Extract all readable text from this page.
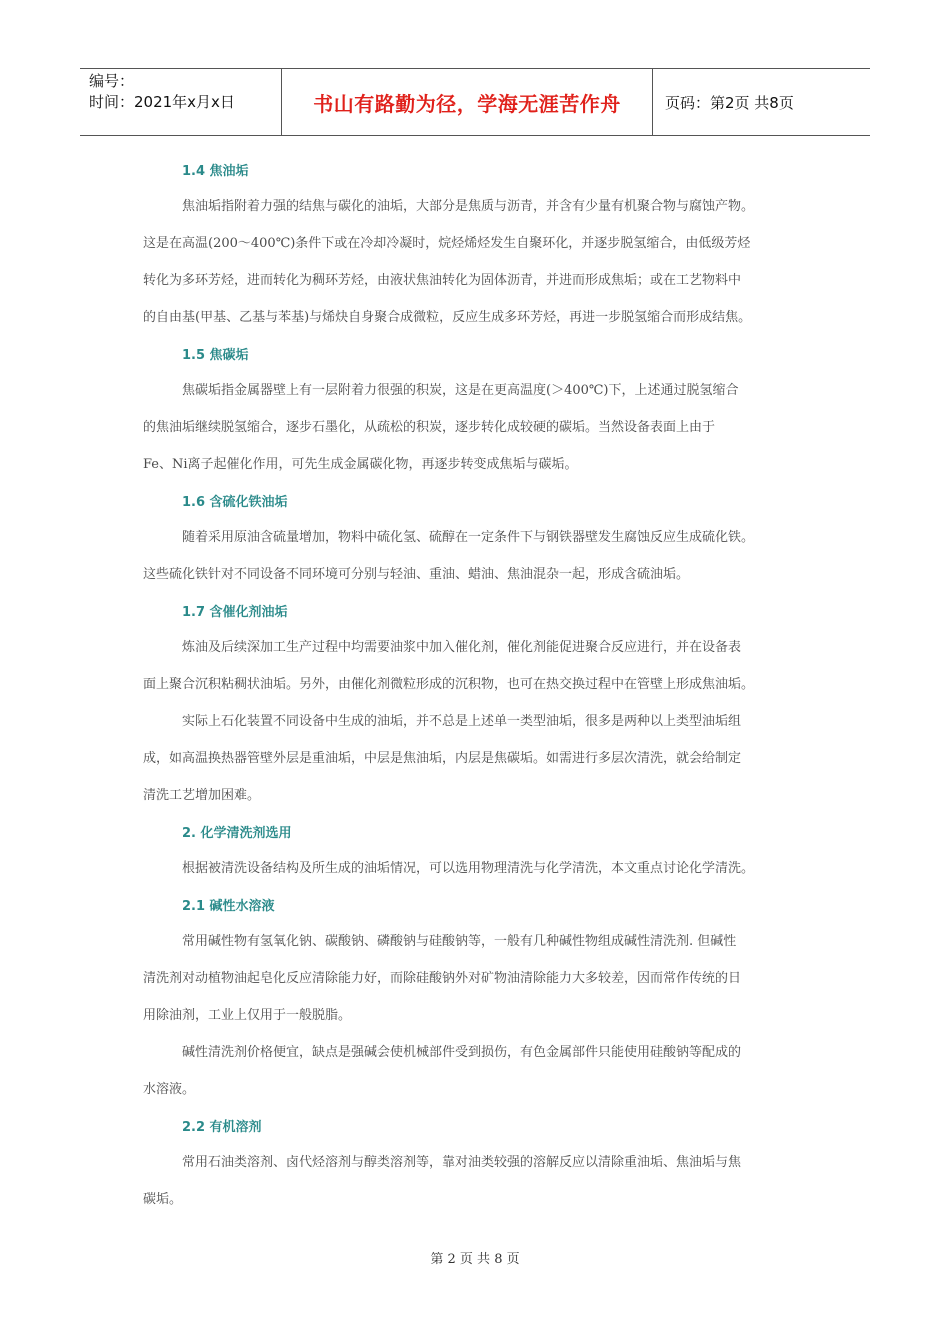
编号：
时间：2021年x月x日	书山有路勤为径，学海无涯苦作舟	页码：第2页 共8页
1.4 焦油垢
焦油垢指附着力强的结焦与碳化的油垢，大部分是焦质与沥青，并含有少量有机聚合物与腐蚀产物。
这是在高温(200～400℃)条件下或在冷却冷凝时，烷烃烯烃发生自聚环化，并逐步脱氢缩合，由低级芳烃
转化为多环芳烃，进而转化为稠环芳烃，由液状焦油转化为固体沥青，并进而形成焦垢；或在工艺物料中
的自由基(甲基、乙基与苯基)与烯炔自身聚合成微粒，反应生成多环芳烃，再进一步脱氢缩合而形成结焦。
1.5 焦碳垢
焦碳垢指金属器壁上有一层附着力很强的积炭，这是在更高温度(＞400℃)下，上述通过脱氢缩合
的焦油垢继续脱氢缩合，逐步石墨化，从疏松的积炭，逐步转化成较硬的碳垢。当然设备表面上由于
Fe、Ni离子起催化作用，可先生成金属碳化物，再逐步转变成焦垢与碳垢。
1.6 含硫化铁油垢
随着采用原油含硫量增加，物料中硫化氢、硫醇在一定条件下与钢铁器壁发生腐蚀反应生成硫化铁。
这些硫化铁针对不同设备不同环境可分别与轻油、重油、蜡油、焦油混杂一起，形成含硫油垢。
1.7 含催化剂油垢
炼油及后续深加工生产过程中均需要油浆中加入催化剂，催化剂能促进聚合反应进行，并在设备表
面上聚合沉积粘稠状油垢。另外，由催化剂微粒形成的沉积物，也可在热交换过程中在管壁上形成焦油垢。
实际上石化装置不同设备中生成的油垢，并不总是上述单一类型油垢，很多是两种以上类型油垢组
成，如高温换热器管壁外层是重油垢，中层是焦油垢，内层是焦碳垢。如需进行多层次清洗，就会给制定
清洗工艺增加困难。
2. 化学清洗剂选用
根据被清洗设备结构及所生成的油垢情况，可以选用物理清洗与化学清洗，本文重点讨论化学清洗。
2.1 碱性水溶液
常用碱性物有氢氧化钠、碳酸钠、磷酸钠与硅酸钠等，一般有几种碱性物组成碱性清洗剂. 但碱性
清洗剂对动植物油起皂化反应清除能力好，而除硅酸钠外对矿物油清除能力大多较差，因而常作传统的日
用除油剂，工业上仅用于一般脱脂。
碱性清洗剂价格便宜，缺点是强碱会使机械部件受到损伤，有色金属部件只能使用硅酸钠等配成的
水溶液。
2.2 有机溶剂
常用石油类溶剂、卤代烃溶剂与醇类溶剂等，靠对油类较强的溶解反应以清除重油垢、焦油垢与焦
碳垢。
第 2 页 共 8 页
